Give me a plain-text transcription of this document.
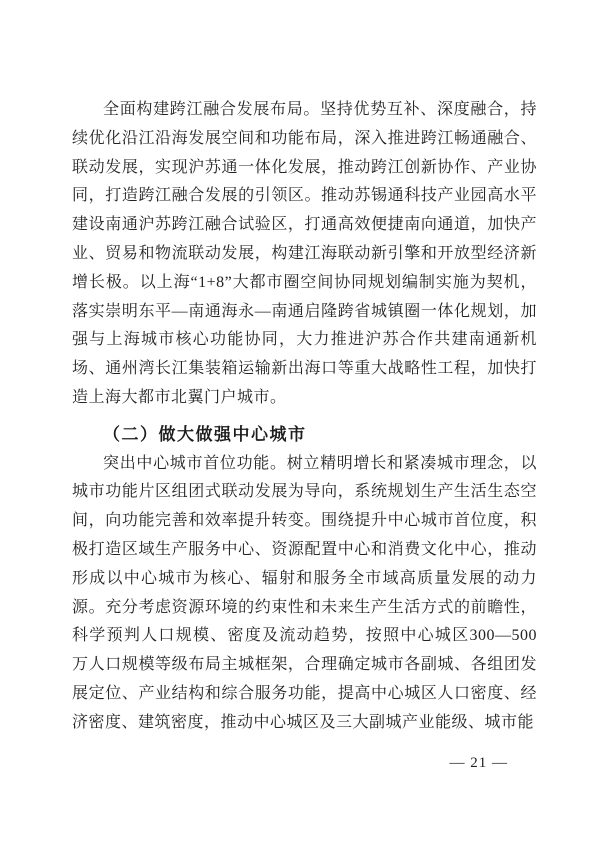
全面构建跨江融合发展布局。坚持优势互补、深度融合，持
续优化沿江沿海发展空间和功能布局，深入推进跨江畅通融合、
联动发展，实现沪苏通一体化发展，推动跨江创新协作、产业协
同，打造跨江融合发展的引领区。推动苏锡通科技产业园高水平
建设南通沪苏跨江融合试验区，打通高效便捷南向通道，加快产
业、贸易和物流联动发展，构建江海联动新引擎和开放型经济新
增长极。以上海“1+8”大都市圈空间协同规划编制实施为契机，
落实崇明东平—南通海永—南通启隆跨省城镇圈一体化规划，加
强与上海城市核心功能协同，大力推进沪苏合作共建南通新机
场、通州湾长江集装箱运输新出海口等重大战略性工程，加快打
造上海大都市北翼门户城市。
（二）做大做强中心城市
突出中心城市首位功能。树立精明增长和紧凑城市理念，以
城市功能片区组团式联动发展为导向，系统规划生产生活生态空
间，向功能完善和效率提升转变。围绕提升中心城市首位度，积
极打造区域生产服务中心、资源配置中心和消费文化中心，推动
形成以中心城市为核心、辐射和服务全市域高质量发展的动力
源。充分考虑资源环境的约束性和未来生产生活方式的前瞻性，
科学预判人口规模、密度及流动趋势，按照中心城区300—500
万人口规模等级布局主城框架，合理确定城市各副城、各组团发
展定位、产业结构和综合服务功能，提高中心城区人口密度、经
济密度、建筑密度，推动中心城区及三大副城产业能级、城市能
— 21 —
